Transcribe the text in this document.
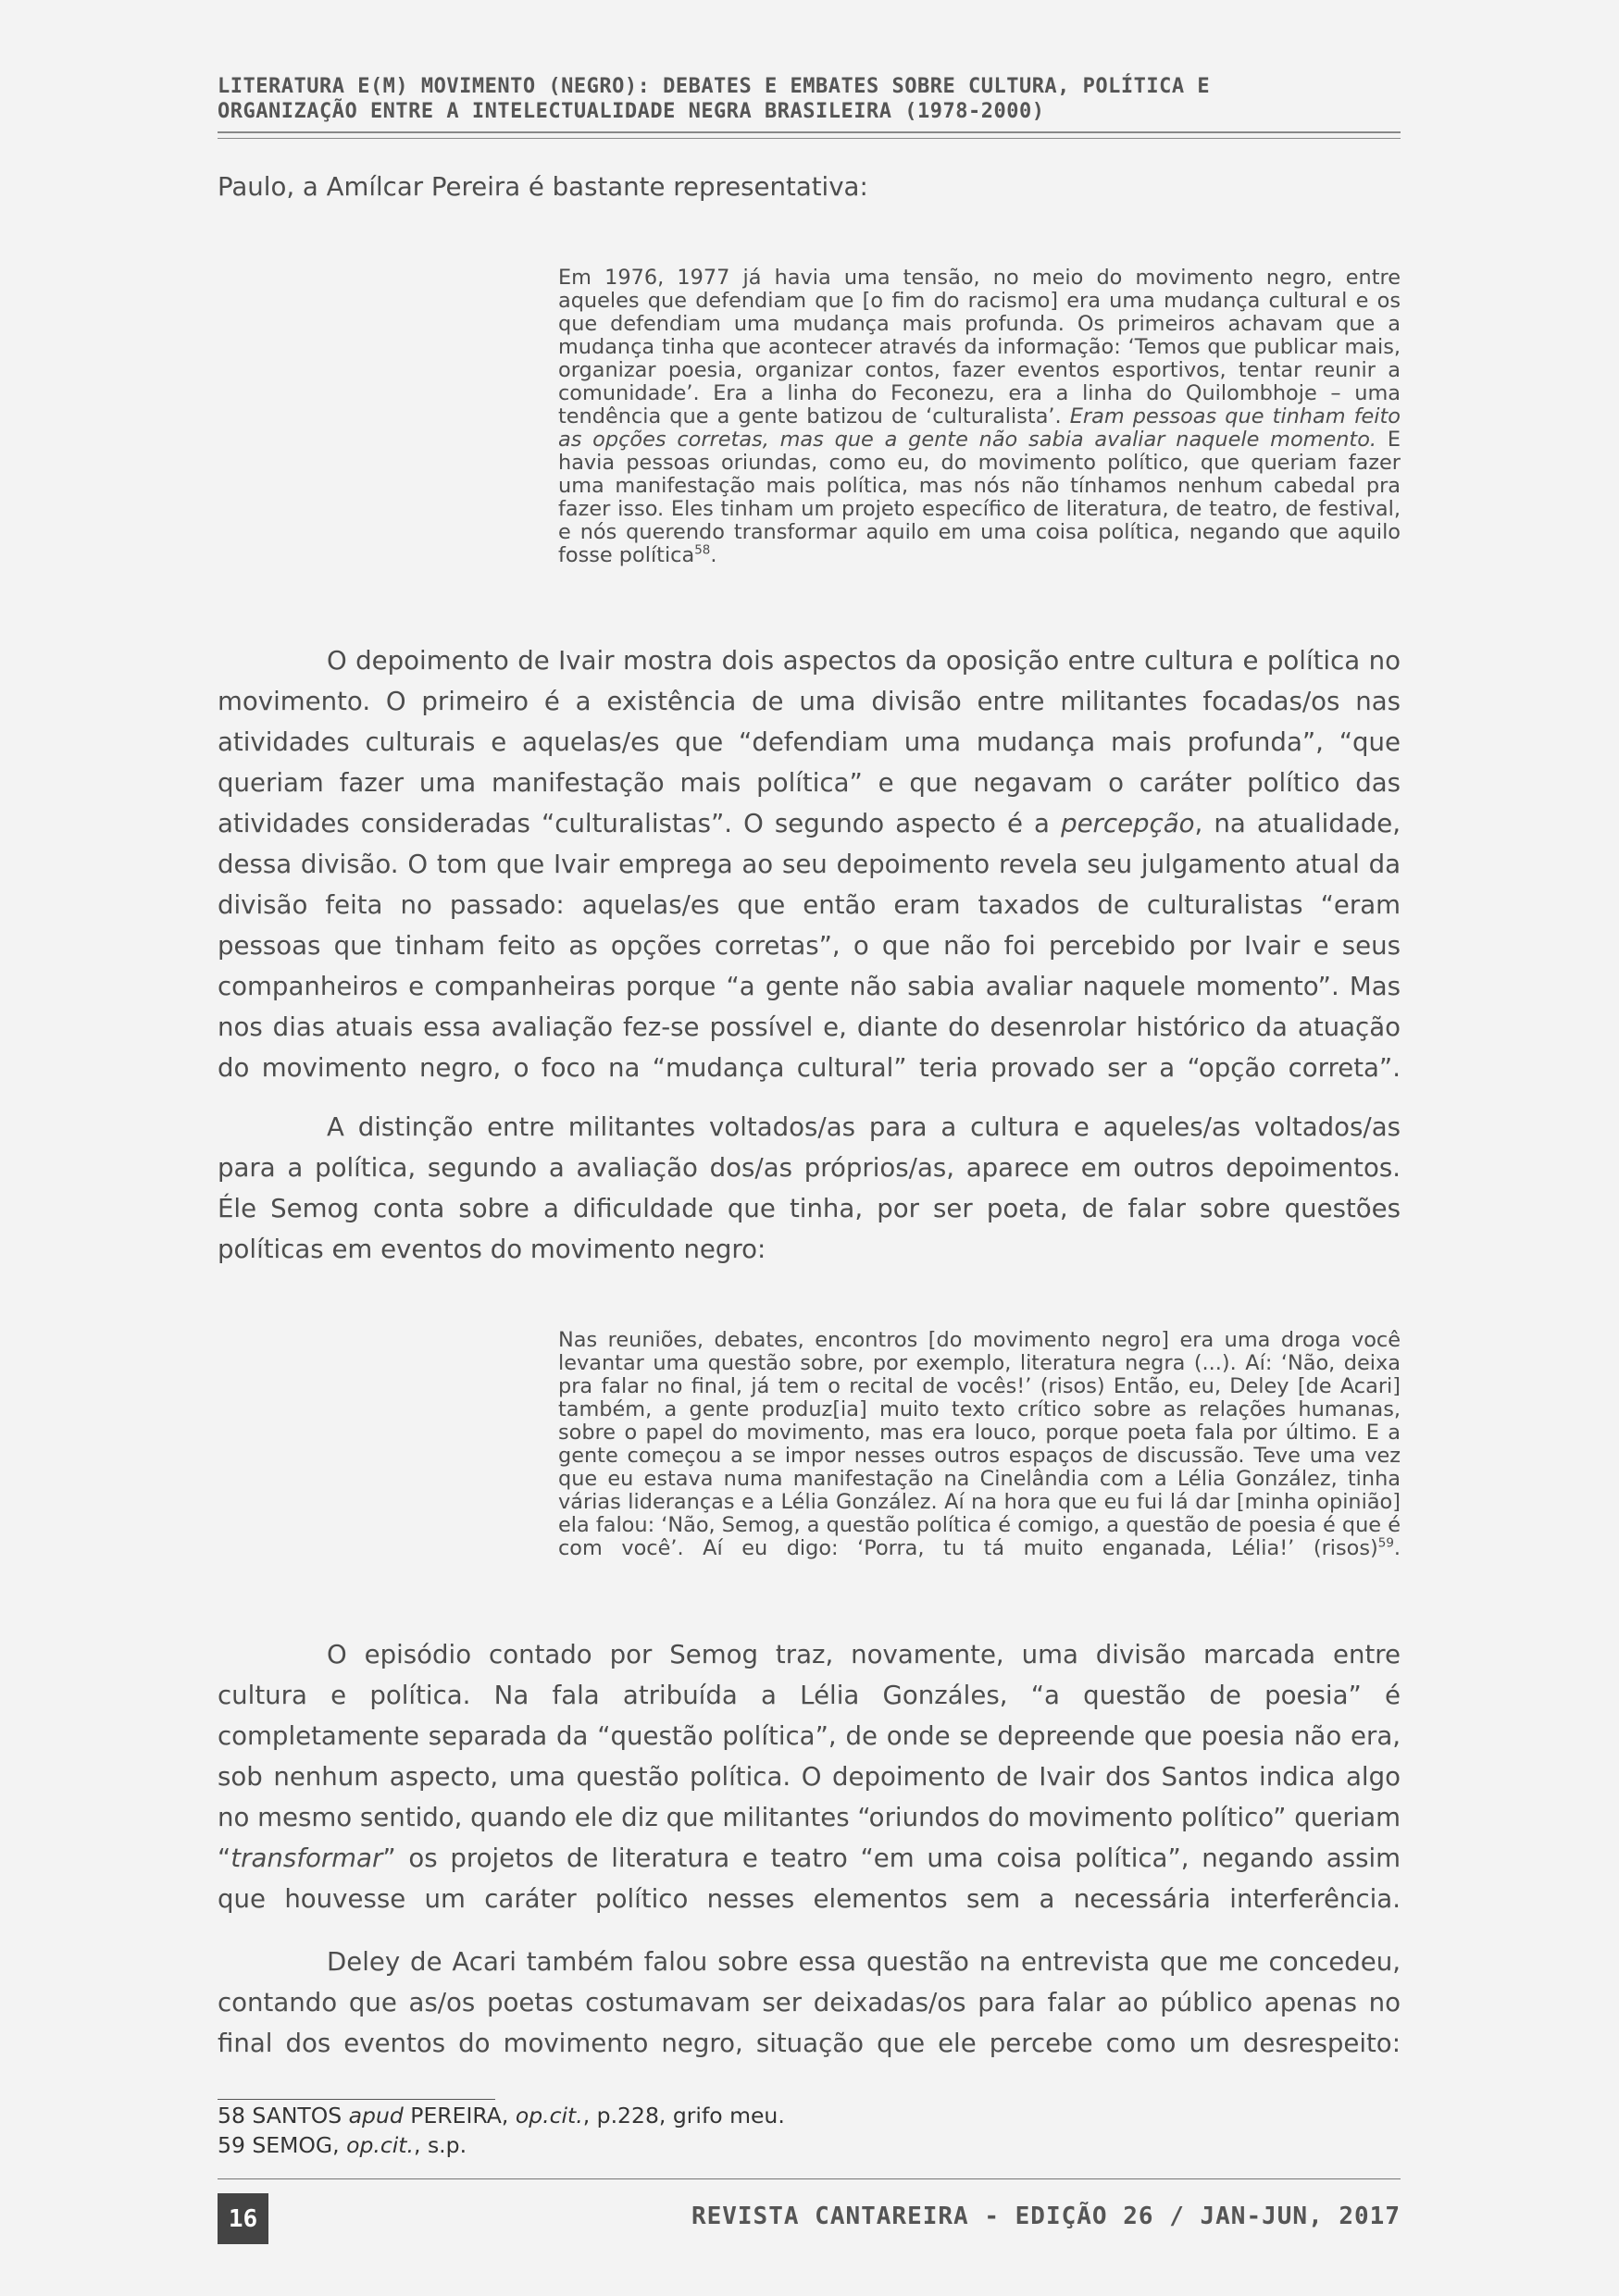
LITERATURA E(M) MOVIMENTO (NEGRO): DEBATES E EMBATES SOBRE CULTURA, POLÍTICA E
ORGANIZAÇÃO ENTRE A INTELECTUALIDADE NEGRA BRASILEIRA (1978-2000)

Paulo, a Amílcar Pereira é bastante representativa:

Em 1976, 1977 já havia uma tensão, no meio do movimento negro, entre aqueles que defendiam que [o fim do racismo] era uma mudança cultural e os que defendiam uma mudança mais profunda. Os primeiros achavam que a mudança tinha que acontecer através da informação: ‘Temos que publicar mais, organizar poesia, organizar contos, fazer eventos esportivos, tentar reunir a comunidade’. Era a linha do Feconezu, era a linha do Quilombhoje – uma tendência que a gente batizou de ‘culturalista’. Eram pessoas que tinham feito as opções corretas, mas que a gente não sabia avaliar naquele momento. E havia pessoas oriundas, como eu, do movimento político, que queriam fazer uma manifestação mais política, mas nós não tínhamos nenhum cabedal pra fazer isso. Eles tinham um projeto específico de literatura, de teatro, de festival, e nós querendo transformar aquilo em uma coisa política, negando que aquilo fosse política$^{58}$.

O depoimento de Ivair mostra dois aspectos da oposição entre cultura e política no movimento. O primeiro é a existência de uma divisão entre militantes focadas/os nas atividades culturais e aquelas/es que “defendiam uma mudança mais profunda”, “que queriam fazer uma manifestação mais política” e que negavam o caráter político das atividades consideradas “culturalistas”. O segundo aspecto é a percepção, na atualidade, dessa divisão. O tom que Ivair emprega ao seu depoimento revela seu julgamento atual da divisão feita no passado: aquelas/es que então eram taxados de culturalistas “eram pessoas que tinham feito as opções corretas”, o que não foi percebido por Ivair e seus companheiros e companheiras porque “a gente não sabia avaliar naquele momento”. Mas nos dias atuais essa avaliação fez-se possível e, diante do desenrolar histórico da atuação do movimento negro, o foco na “mudança cultural” teria provado ser a “opção correta”.

A distinção entre militantes voltados/as para a cultura e aqueles/as voltados/as para a política, segundo a avaliação dos/as próprios/as, aparece em outros depoimentos. Éle Semog conta sobre a dificuldade que tinha, por ser poeta, de falar sobre questões políticas em eventos do movimento negro:

Nas reuniões, debates, encontros [do movimento negro] era uma droga você levantar uma questão sobre, por exemplo, literatura negra (...). Aí: ‘Não, deixa pra falar no final, já tem o recital de vocês!’ (risos) Então, eu, Deley [de Acari] também, a gente produz[ia] muito texto crítico sobre as relações humanas, sobre o papel do movimento, mas era louco, porque poeta fala por último. E a gente começou a se impor nesses outros espaços de discussão. Teve uma vez que eu estava numa manifestação na Cinelândia com a Lélia González, tinha várias lideranças e a Lélia González. Aí na hora que eu fui lá dar [minha opinião] ela falou: ‘Não, Semog, a questão política é comigo, a questão de poesia é que é com você’. Aí eu digo: ‘Porra, tu tá muito enganada, Lélia!’ (risos)$^{59}$.

O episódio contado por Semog traz, novamente, uma divisão marcada entre cultura e política. Na fala atribuída a Lélia Gonzáles, “a questão de poesia” é completamente separada da “questão política”, de onde se depreende que poesia não era, sob nenhum aspecto, uma questão política. O depoimento de Ivair dos Santos indica algo no mesmo sentido, quando ele diz que militantes “oriundos do movimento político” queriam “transformar” os projetos de literatura e teatro “em uma coisa política”, negando assim que houvesse um caráter político nesses elementos sem a necessária interferência.

Deley de Acari também falou sobre essa questão na entrevista que me concedeu, contando que as/os poetas costumavam ser deixadas/os para falar ao público apenas no final dos eventos do movimento negro, situação que ele percebe como um desrespeito:

58 SANTOS apud PEREIRA, op.cit., p.228, grifo meu.
59 SEMOG, op.cit., s.p.
16	REVISTA CANTAREIRA - EDIÇÃO 26 / JAN-JUN, 2017
